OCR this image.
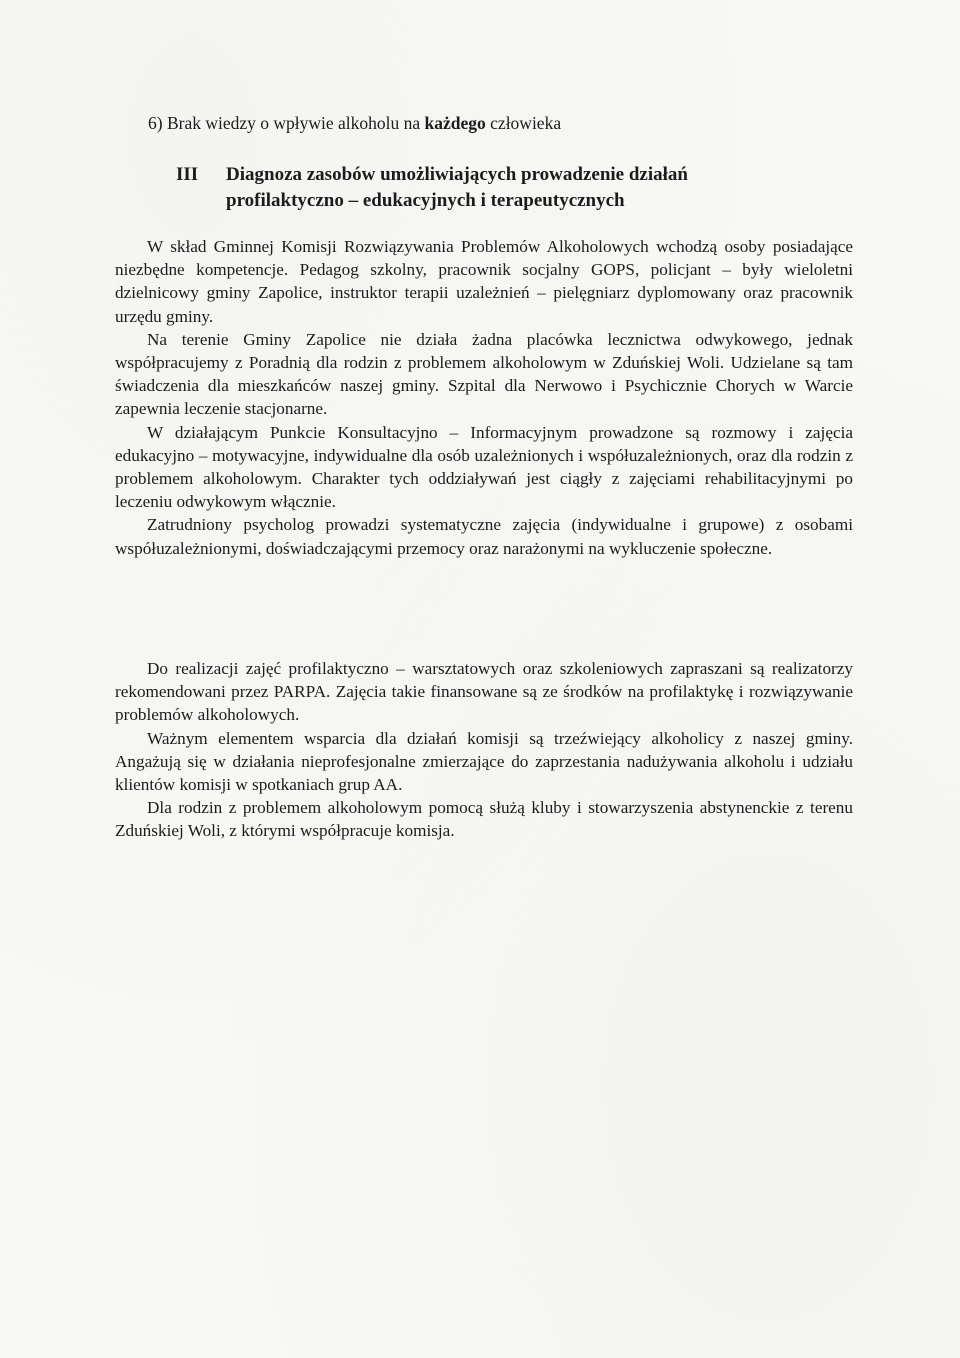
6) Brak wiedzy o wpływie alkoholu na każdego człowieka
III	Diagnoza zasobów umożliwiających prowadzenie działań
profilaktyczno – edukacyjnych i terapeutycznych

W skład Gminnej Komisji Rozwiązywania Problemów Alkoholowych wchodzą osoby posiadające niezbędne kompetencje. Pedagog szkolny, pracownik socjalny GOPS, policjant – były wieloletni dzielnicowy gminy Zapolice, instruktor terapii uzależnień – pielęgniarz dyplomowany oraz pracownik urzędu gminy.

Na terenie Gminy Zapolice nie działa żadna placówka lecznictwa odwykowego, jednak współpracujemy z Poradnią dla rodzin z problemem alkoholowym w Zduńskiej Woli. Udzielane są tam świadczenia dla mieszkańców naszej gminy. Szpital dla Nerwowo i Psychicznie Chorych w Warcie zapewnia leczenie stacjonarne.

W działającym Punkcie Konsultacyjno – Informacyjnym prowadzone są rozmowy i zajęcia edukacyjno – motywacyjne, indywidualne dla osób uzależnionych i współuzależnionych, oraz dla rodzin z problemem alkoholowym. Charakter tych oddziaływań jest ciągły z zajęciami rehabilitacyjnymi po leczeniu odwykowym włącznie.

Zatrudniony psycholog prowadzi systematyczne zajęcia (indywidualne i grupowe) z osobami współuzależnionymi, doświadczającymi przemocy oraz narażonymi na wykluczenie społeczne.

Do realizacji zajęć profilaktyczno – warsztatowych oraz szkoleniowych zapraszani są realizatorzy rekomendowani przez PARPA. Zajęcia takie finansowane są ze środków na profilaktykę i rozwiązywanie problemów alkoholowych.

Ważnym elementem wsparcia dla działań komisji są trzeźwiejący alkoholicy z naszej gminy. Angażują się w działania nieprofesjonalne zmierzające do zaprzestania nadużywania alkoholu i udziału klientów komisji w spotkaniach grup AA.

Dla rodzin z problemem alkoholowym pomocą służą kluby i stowarzyszenia abstynenckie z terenu Zduńskiej Woli, z którymi współpracuje komisja.
